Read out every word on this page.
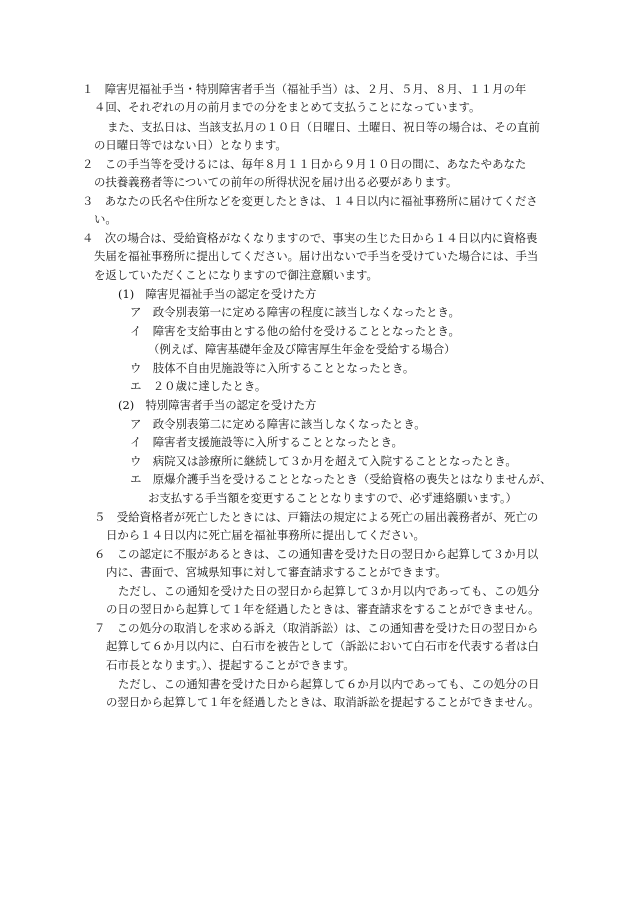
１　障害児福祉手当・特別障害者手当（福祉手当）は、２月、５月、８月、１１月の年
４回、それぞれの月の前月までの分をまとめて支払うことになっています。
また、支払日は、当該支払月の１０日（日曜日、土曜日、祝日等の場合は、その直前
の日曜日等ではない日）となります。
２　この手当等を受けるには、毎年８月１１日から９月１０日の間に、あなたやあなた
の扶養義務者等についての前年の所得状況を届け出る必要があります。
３　あなたの氏名や住所などを変更したときは、１４日以内に福祉事務所に届けてくださ
い。
４　次の場合は、受給資格がなくなりますので、事実の生じた日から１４日以内に資格喪
失届を福祉事務所に提出してください。届け出ないで手当を受けていた場合には、手当
を返していただくことになりますので御注意願います。
(1)　障害児福祉手当の認定を受けた方
ア　政令別表第一に定める障害の程度に該当しなくなったとき。
イ　障害を支給事由とする他の給付を受けることとなったとき。
（例えば、障害基礎年金及び障害厚生年金を受給する場合）
ウ　肢体不自由児施設等に入所することとなったとき。
エ　２０歳に達したとき。
(2)　特別障害者手当の認定を受けた方
ア　政令別表第二に定める障害に該当しなくなったとき。
イ　障害者支援施設等に入所することとなったとき。
ウ　病院又は診療所に継続して３か月を超えて入院することとなったとき。
エ　原爆介護手当を受けることとなったとき（受給資格の喪失とはなりませんが、
お支払する手当額を変更することとなりますので、必ず連絡願います。）
５　受給資格者が死亡したときには、戸籍法の規定による死亡の届出義務者が、死亡の
日から１４日以内に死亡届を福祉事務所に提出してください。
６　この認定に不服があるときは、この通知書を受けた日の翌日から起算して３か月以
内に、書面で、宮城県知事に対して審査請求することができます。
ただし、この通知を受けた日の翌日から起算して３か月以内であっても、この処分
の日の翌日から起算して１年を経過したときは、審査請求をすることができません。
７　この処分の取消しを求める訴え（取消訴訟）は、この通知書を受けた日の翌日から
起算して６か月以内に、白石市を被告として（訴訟において白石市を代表する者は白
石市長となります。）、提起することができます。
ただし、この通知書を受けた日から起算して６か月以内であっても、この処分の日
の翌日から起算して１年を経過したときは、取消訴訟を提起することができません。
